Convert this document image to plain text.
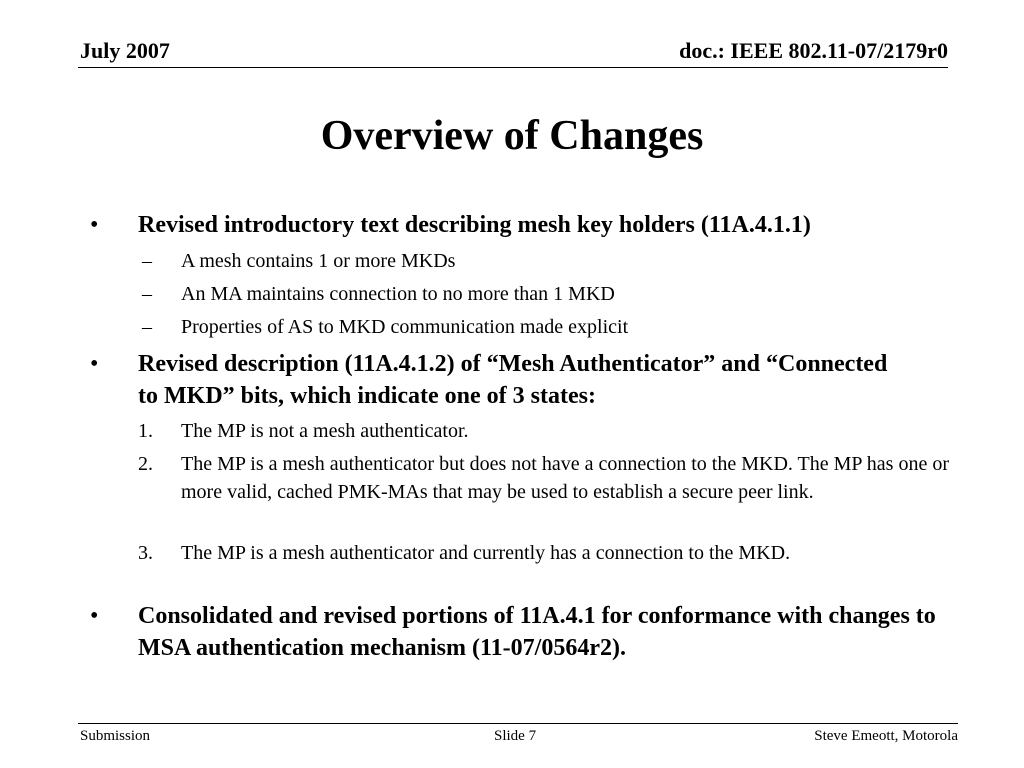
July 2007	doc.: IEEE 802.11-07/2179r0
Overview of Changes
• Revised introductory text describing mesh key holders (11A.4.1.1)
– A mesh contains 1 or more MKDs
– An MA maintains connection to no more than 1 MKD
– Properties of AS to MKD communication made explicit
• Revised description (11A.4.1.2) of “Mesh Authenticator” and “Connected to MKD” bits, which indicate one of 3 states:
1. The MP is not a mesh authenticator.
2. The MP is a mesh authenticator but does not have a connection to the MKD. The MP has one or more valid, cached PMK-MAs that may be used to establish a secure peer link.
3. The MP is a mesh authenticator and currently has a connection to the MKD.
• Consolidated and revised portions of 11A.4.1 for conformance with changes to MSA authentication mechanism (11-07/0564r2).
Submission	Slide 7	Steve Emeott, Motorola
